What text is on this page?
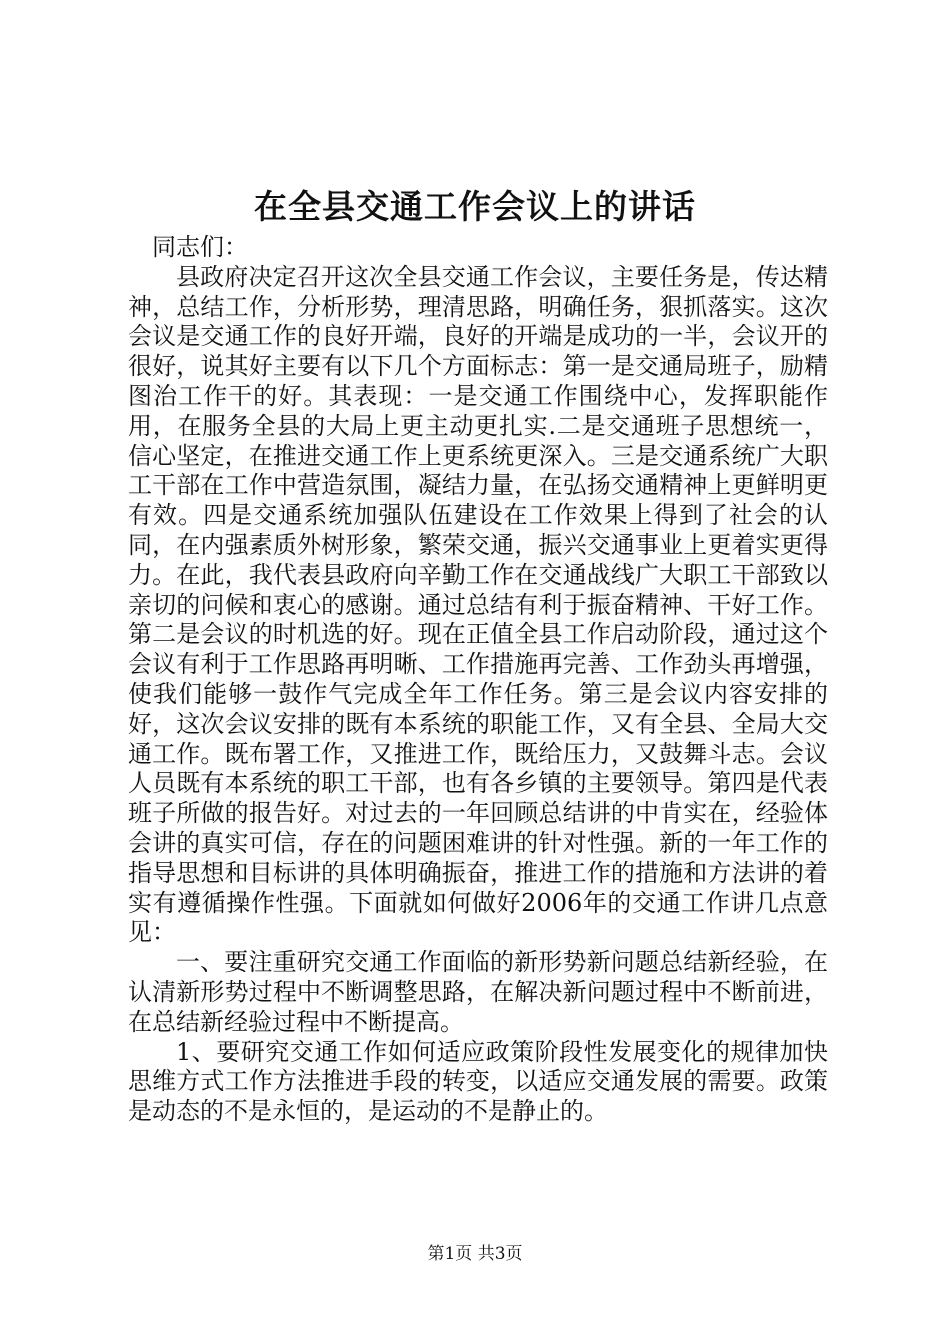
在全县交通工作会议上的讲话

同志们：

县政府决定召开这次全县交通工作会议，主要任务是，传达精神，总结工作，分析形势，理清思路，明确任务，狠抓落实。这次会议是交通工作的良好开端，良好的开端是成功的一半，会议开的很好，说其好主要有以下几个方面标志：第一是交通局班子，励精图治工作干的好。其表现：一是交通工作围绕中心，发挥职能作用，在服务全县的大局上更主动更扎实.二是交通班子思想统一，信心坚定，在推进交通工作上更系统更深入。三是交通系统广大职工干部在工作中营造氛围，凝结力量，在弘扬交通精神上更鲜明更有效。四是交通系统加强队伍建设在工作效果上得到了社会的认同，在内强素质外树形象，繁荣交通，振兴交通事业上更着实更得力。在此，我代表县政府向辛勤工作在交通战线广大职工干部致以亲切的问候和衷心的感谢。通过总结有利于振奋精神、干好工作。第二是会议的时机选的好。现在正值全县工作启动阶段，通过这个会议有利于工作思路再明晰、工作措施再完善、工作劲头再增强，使我们能够一鼓作气完成全年工作任务。第三是会议内容安排的好，这次会议安排的既有本系统的职能工作，又有全县、全局大交通工作。既布署工作，又推进工作，既给压力，又鼓舞斗志。会议人员既有本系统的职工干部，也有各乡镇的主要领导。第四是代表班子所做的报告好。对过去的一年回顾总结讲的中肯实在，经验体会讲的真实可信，存在的问题困难讲的针对性强。新的一年工作的指导思想和目标讲的具体明确振奋，推进工作的措施和方法讲的着实有遵循操作性强。下面就如何做好2006年的交通工作讲几点意见：

一、要注重研究交通工作面临的新形势新问题总结新经验，在认清新形势过程中不断调整思路，在解决新问题过程中不断前进，在总结新经验过程中不断提高。

1、要研究交通工作如何适应政策阶段性发展变化的规律加快思维方式工作方法推进手段的转变，以适应交通发展的需要。政策是动态的不是永恒的，是运动的不是静止的。

第1页 共3页
